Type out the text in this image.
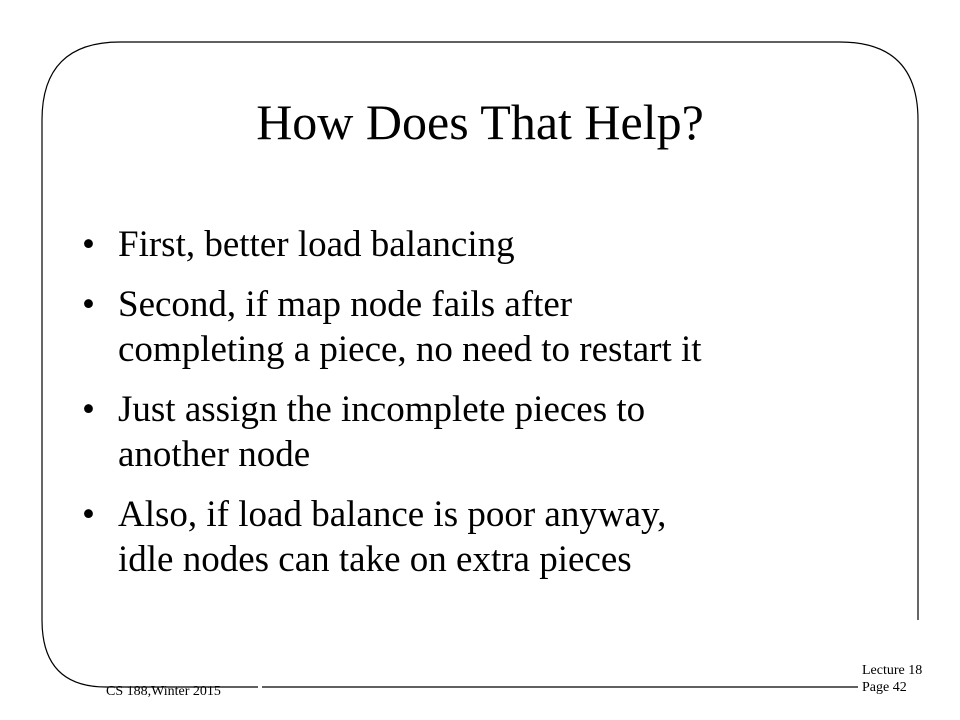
How Does That Help?
• First, better load balancing
• Second, if map node fails after
completing a piece, no need to restart it
• Just assign the incomplete pieces to
another node
• Also, if load balance is poor anyway,
idle nodes can take on extra pieces
CS 188,Winter 2015
Lecture 18
Page 42
